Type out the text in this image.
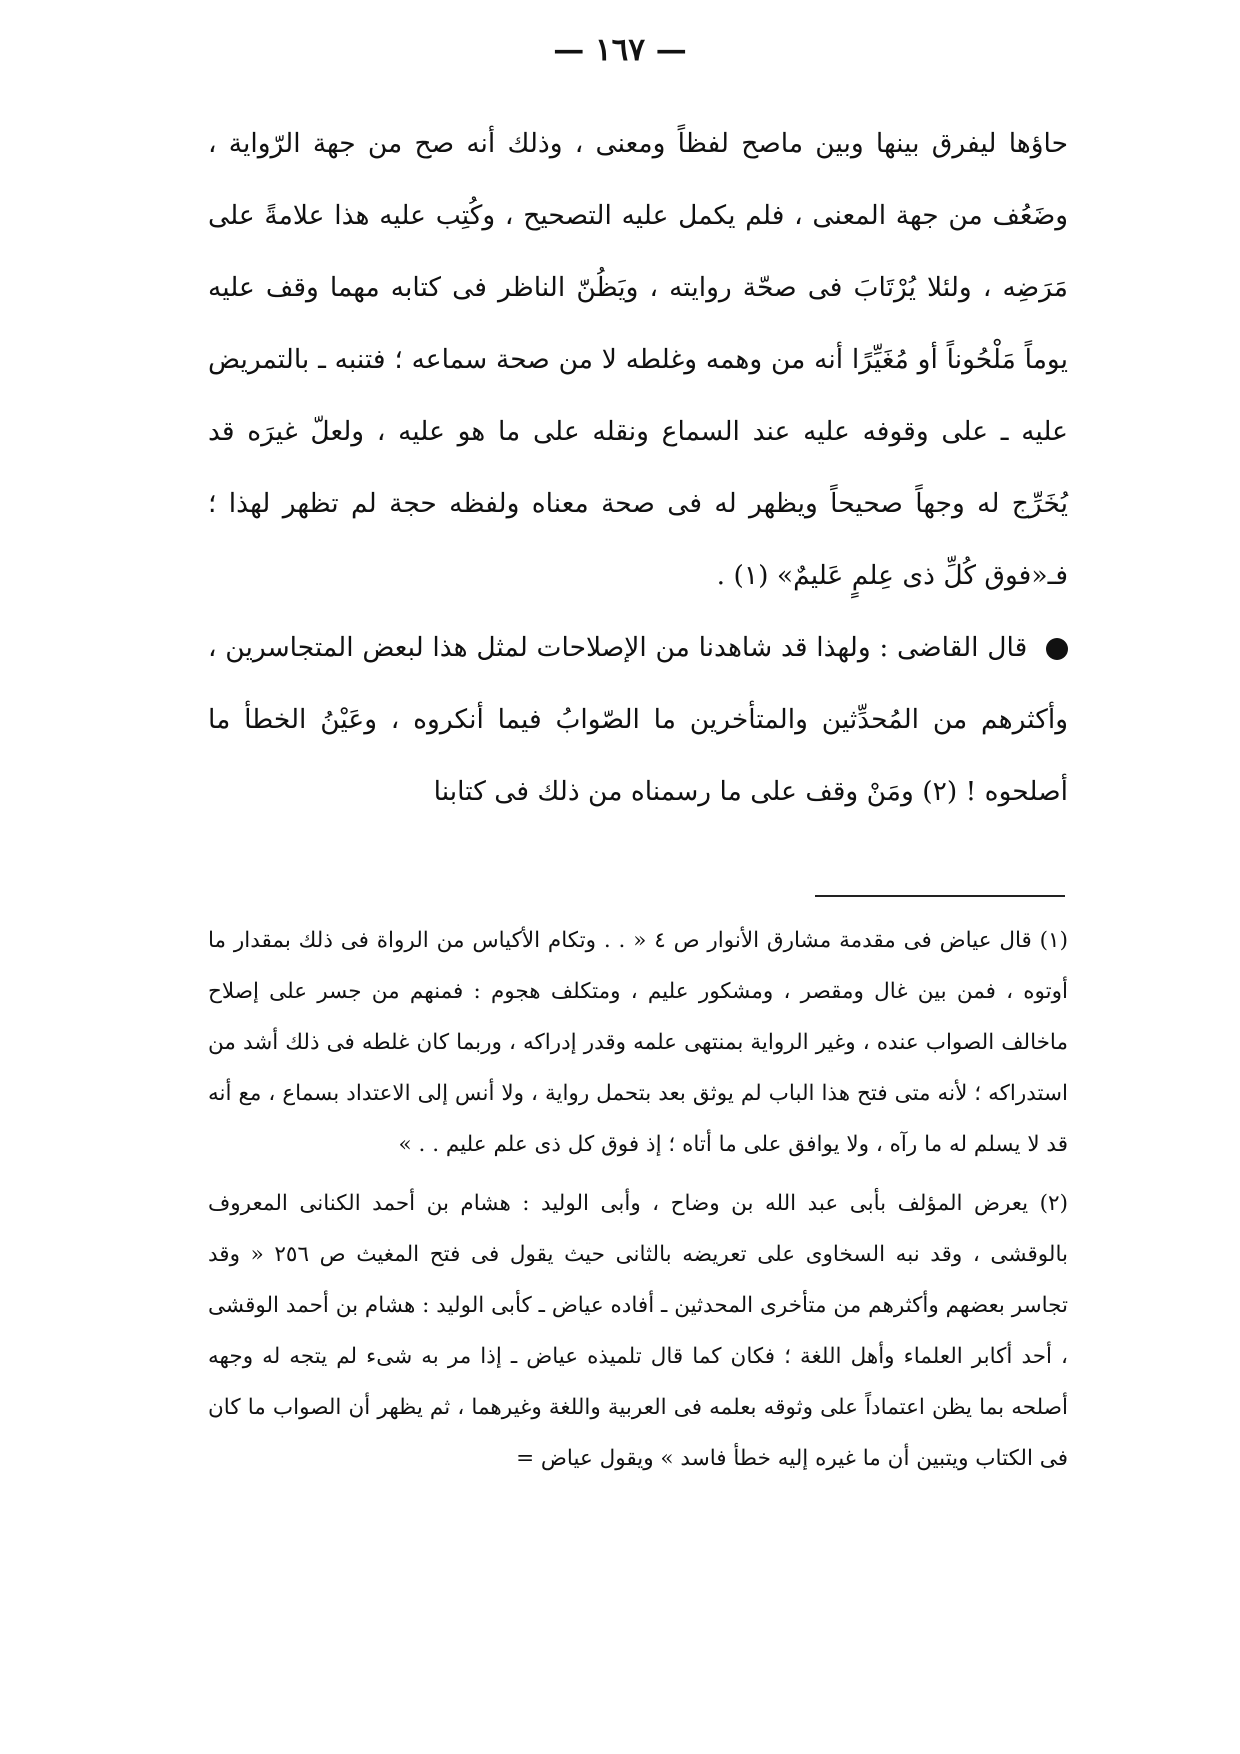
— ١٦٧ —

حاؤها ليفرق بينها وبين ماصح لفظاً ومعنى ، وذلك أنه صح من جهة الرّواية ، وضَعُف من جهة المعنى ، فلم يكمل عليه التصحيح ، وكُتِب عليه هذا علامةً على مَرَضِه ، ولئلا يُرْتَابَ فى صحّة روايته ، ويَظُنّ الناظر فى كتابه مهما وقف عليه يوماً مَلْحُوناً أو مُغَيِّرًا أنه من وهمه وغلطه لا من صحة سماعه ؛ فتنبه ـ بالتمريض عليه ـ على وقوفه عليه عند السماع ونقله على ما هو عليه ، ولعلّ غيرَه قد يُخَرِّج له وجهاً صحيحاً ويظهر له فى صحة معناه ولفظه حجة لم تظهر لهذا ؛ فـ«فوق كُلِّ ذى عِلمٍ عَليمٌ» (١) .

قال القاضى : ولهذا قد شاهدنا من الإصلاحات لمثل هذا لبعض المتجاسرين ، وأكثرهم من المُحدِّثين والمتأخرين ما الصّوابُ فيما أنكروه ، وعَيْنُ الخطأ ما أصلحوه ! (٢) ومَنْ وقف على ما رسمناه من ذلك فى كتابنا

(١) قال عياض فى مقدمة مشارق الأنوار ص ٤ « . . وتكام الأكياس من الرواة فى ذلك بمقدار ما أوتوه ، فمن بين غال ومقصر ، ومشكور عليم ، ومتكلف هجوم : فمنهم من جسر على إصلاح ماخالف الصواب عنده ، وغير الرواية بمنتهى علمه وقدر إدراكه ، وربما كان غلطه فى ذلك أشد من استدراكه ؛ لأنه متى فتح هذا الباب لم يوثق بعد بتحمل رواية ، ولا أنس إلى الاعتداد بسماع ، مع أنه قد لا يسلم له ما رآه ، ولا يوافق على ما أتاه ؛ إذ فوق كل ذى علم عليم . . »

(٢) يعرض المؤلف بأبى عبد الله بن وضاح ، وأبى الوليد : هشام بن أحمد الكنانى المعروف بالوقشى ، وقد نبه السخاوى على تعريضه بالثانى حيث يقول فى فتح المغيث ص ٢٥٦ « وقد تجاسر بعضهم وأكثرهم من متأخرى المحدثين ـ أفاده عياض ـ كأبى الوليد : هشام بن أحمد الوقشى ، أحد أكابر العلماء وأهل اللغة ؛ فكان كما قال تلميذه عياض ـ إذا مر به شىء لم يتجه له وجهه أصلحه بما يظن اعتماداً على وثوقه بعلمه فى العربية واللغة وغيرهما ، ثم يظهر أن الصواب ما كان فى الكتاب ويتبين أن ما غيره إليه خطأ فاسد » ويقول عياض =
